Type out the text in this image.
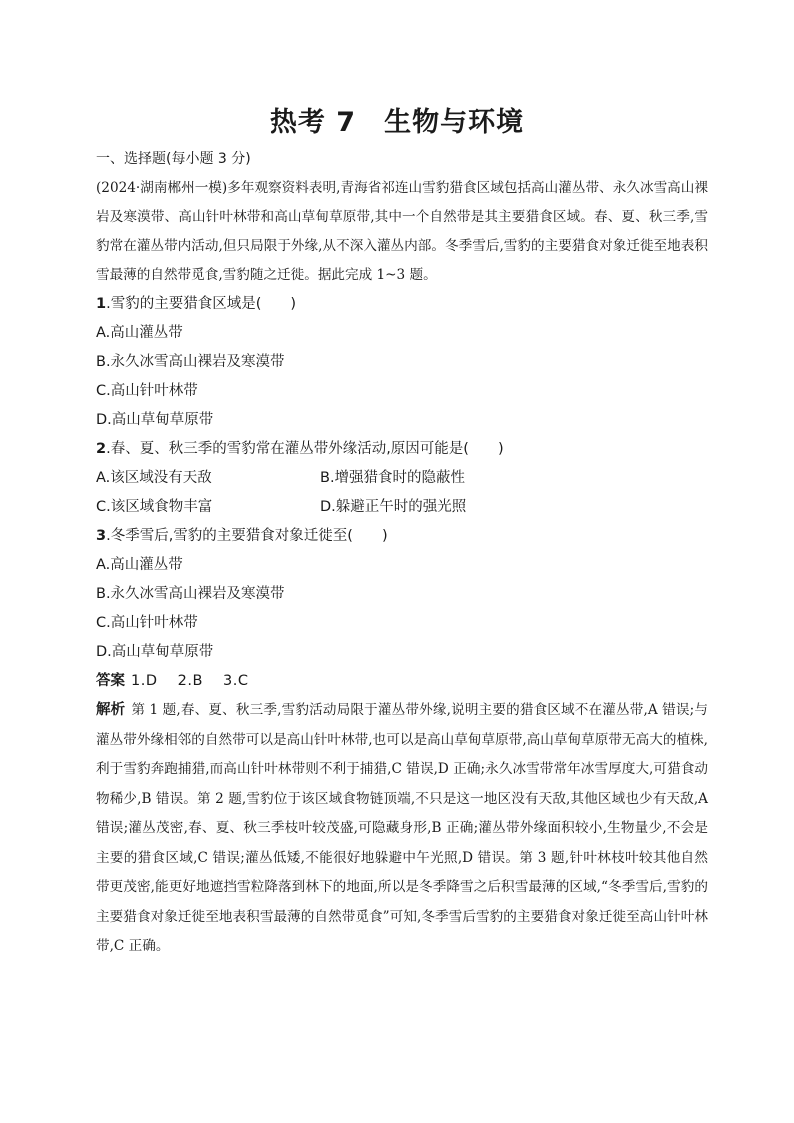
热考 7　生物与环境
一、选择题(每小题 3 分)
(2024·湖南郴州一模)多年观察资料表明,青海省祁连山雪豹猎食区域包括高山灌丛带、永久冰雪高山裸岩及寒漠带、高山针叶林带和高山草甸草原带,其中一个自然带是其主要猎食区域。春、夏、秋三季,雪豹常在灌丛带内活动,但只局限于外缘,从不深入灌丛内部。冬季雪后,雪豹的主要猎食对象迁徙至地表积雪最薄的自然带觅食,雪豹随之迁徙。据此完成 1~3 题。
1.雪豹的主要猎食区域是(　　)
A.高山灌丛带
B.永久冰雪高山裸岩及寒漠带
C.高山针叶林带
D.高山草甸草原带
2.春、夏、秋三季的雪豹常在灌丛带外缘活动,原因可能是(　　)
A.该区域没有天敌	B.增强猎食时的隐蔽性
C.该区域食物丰富	D.躲避正午时的强光照
3.冬季雪后,雪豹的主要猎食对象迁徙至(　　)
A.高山灌丛带
B.永久冰雪高山裸岩及寒漠带
C.高山针叶林带
D.高山草甸草原带
答案 1.D　 2.B　 3.C
解析 第 1 题,春、夏、秋三季,雪豹活动局限于灌丛带外缘,说明主要的猎食区域不在灌丛带,A 错误;与灌丛带外缘相邻的自然带可以是高山针叶林带,也可以是高山草甸草原带,高山草甸草原带无高大的植株,利于雪豹奔跑捕猎,而高山针叶林带则不利于捕猎,C 错误,D 正确;永久冰雪带常年冰雪厚度大,可猎食动物稀少,B 错误。第 2 题,雪豹位于该区域食物链顶端,不只是这一地区没有天敌,其他区域也少有天敌,A 错误;灌丛茂密,春、夏、秋三季枝叶较茂盛,可隐藏身形,B 正确;灌丛带外缘面积较小,生物量少,不会是主要的猎食区域,C 错误;灌丛低矮,不能很好地躲避中午光照,D 错误。第 3 题,针叶林枝叶较其他自然带更茂密,能更好地遮挡雪粒降落到林下的地面,所以是冬季降雪之后积雪最薄的区域,“冬季雪后,雪豹的主要猎食对象迁徙至地表积雪最薄的自然带觅食”可知,冬季雪后雪豹的主要猎食对象迁徙至高山针叶林带,C 正确。
